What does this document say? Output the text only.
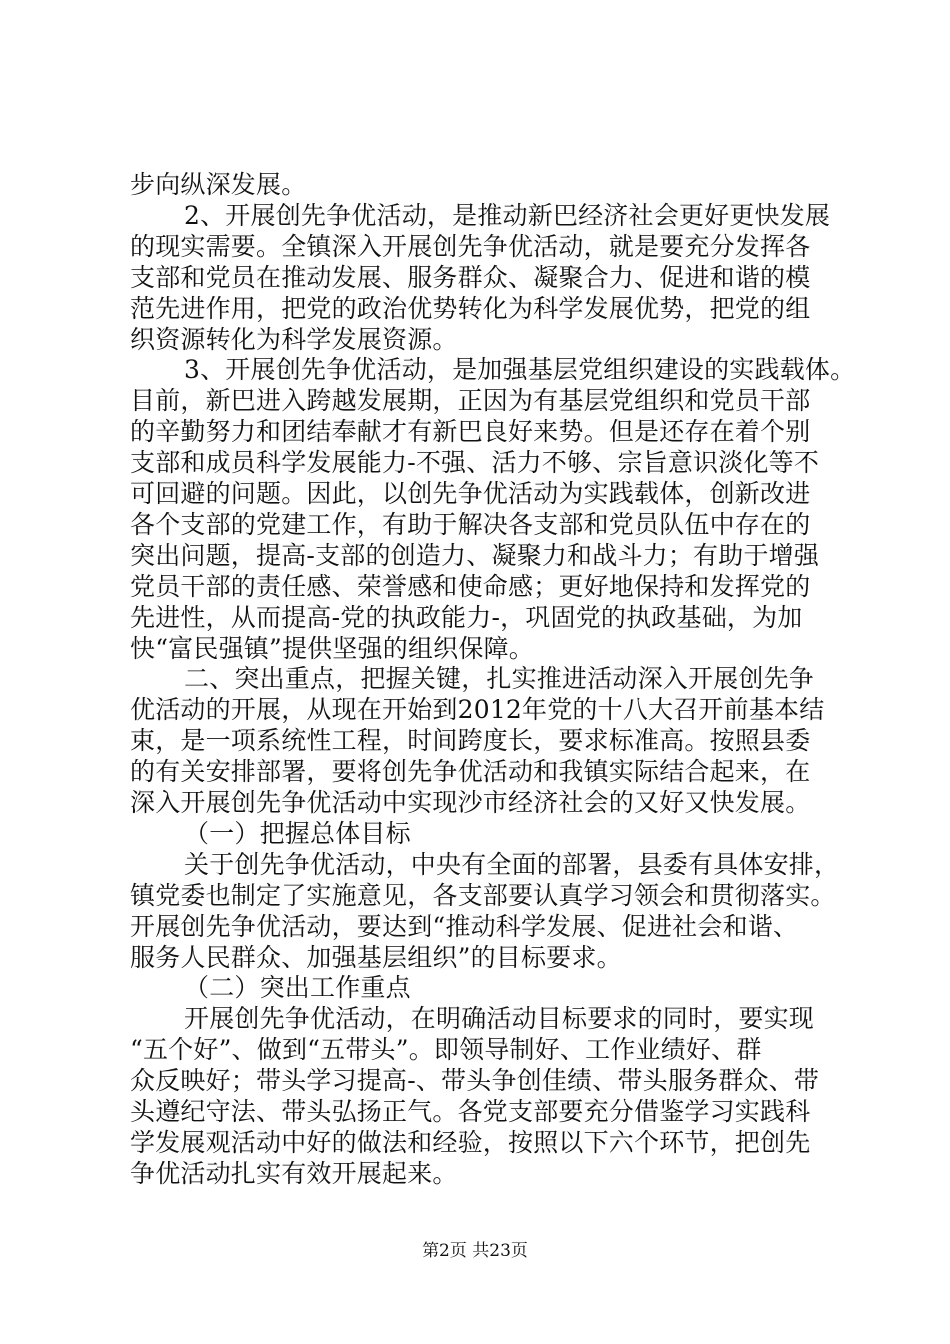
步向纵深发展。
2、开展创先争优活动，是推动新巴经济社会更好更快发展
的现实需要。全镇深入开展创先争优活动，就是要充分发挥各
支部和党员在推动发展、服务群众、凝聚合力、促进和谐的模
范先进作用，把党的政治优势转化为科学发展优势，把党的组
织资源转化为科学发展资源。
3、开展创先争优活动，是加强基层党组织建设的实践载体。
目前，新巴进入跨越发展期，正因为有基层党组织和党员干部
的辛勤努力和团结奉献才有新巴良好来势。但是还存在着个别
支部和成员科学发展能力-不强、活力不够、宗旨意识淡化等不
可回避的问题。因此，以创先争优活动为实践载体，创新改进
各个支部的党建工作，有助于解决各支部和党员队伍中存在的
突出问题，提高-支部的创造力、凝聚力和战斗力；有助于增强
党员干部的责任感、荣誉感和使命感；更好地保持和发挥党的
先进性，从而提高-党的执政能力-，巩固党的执政基础，为加
快“富民强镇”提供坚强的组织保障。
二、突出重点，把握关键，扎实推进活动深入开展创先争
优活动的开展，从现在开始到2012年党的十八大召开前基本结
束，是一项系统性工程，时间跨度长，要求标准高。按照县委
的有关安排部署，要将创先争优活动和我镇实际结合起来，在
深入开展创先争优活动中实现沙市经济社会的又好又快发展。
（一）把握总体目标
关于创先争优活动，中央有全面的部署，县委有具体安排，
镇党委也制定了实施意见，各支部要认真学习领会和贯彻落实。
开展创先争优活动，要达到“推动科学发展、促进社会和谐、
服务人民群众、加强基层组织”的目标要求。
（二）突出工作重点
开展创先争优活动，在明确活动目标要求的同时，要实现
“五个好”、做到“五带头”。即领导制好、工作业绩好、群
众反映好；带头学习提高-、带头争创佳绩、带头服务群众、带
头遵纪守法、带头弘扬正气。各党支部要充分借鉴学习实践科
学发展观活动中好的做法和经验，按照以下六个环节，把创先
争优活动扎实有效开展起来。
第2页 共23页
